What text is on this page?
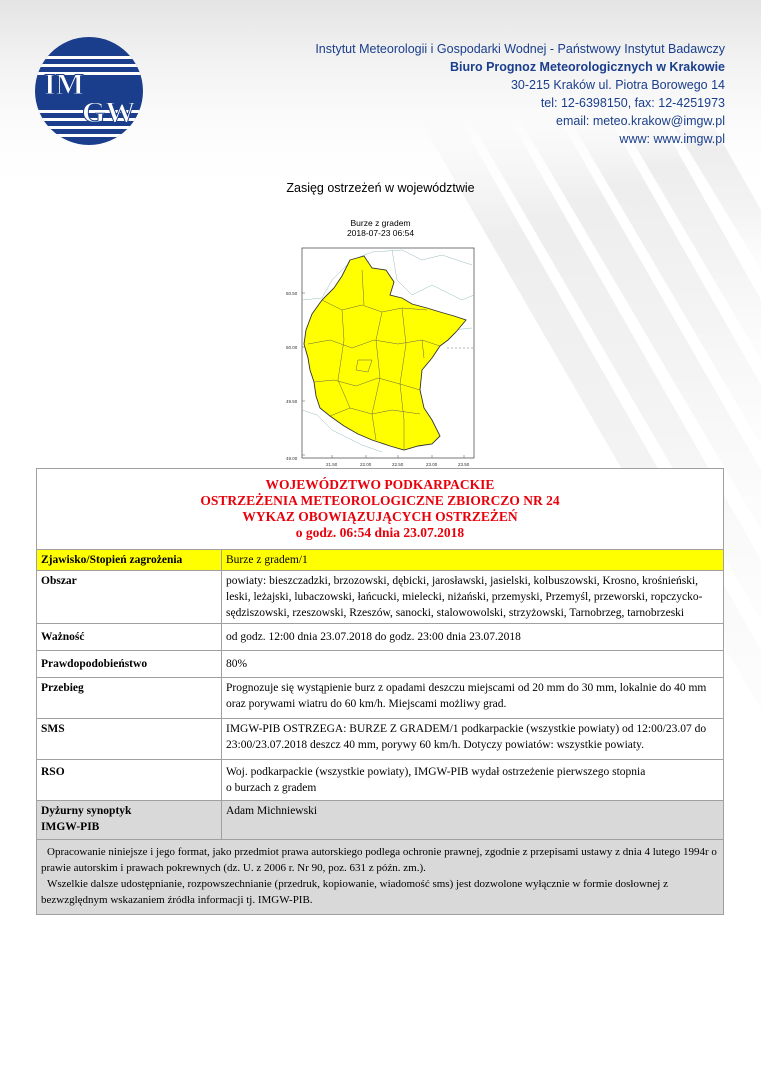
IM
GW
Instytut Meteorologii i Gospodarki Wodnej - Państwowy Instytut Badawczy
Biuro Prognoz Meteorologicznych w Krakowie
30-215 Kraków ul. Piotra Borowego 14
tel: 12-6398150, fax: 12-4251973
email: meteo.krakow@imgw.pl
www: www.imgw.pl
Zasięg ostrzeżeń w województwie
Burze z gradem
2018-07-23 06:54
50.50
50.00
49.50
49.00
21.50	22.00	22.50	23.00	23.50
WOJEWÓDZTWO PODKARPACKIE
OSTRZEŻENIA METEOROLOGICZNE ZBIORCZO NR 24
WYKAZ OBOWIĄZUJĄCYCH OSTRZEŻEŃ
o godz. 06:54 dnia 23.07.2018	

Zjawisko/Stopień zagrożenia	Burze z gradem/1
Obszar	powiaty: bieszczadzki, brzozowski, dębicki, jarosławski, jasielski, kolbuszowski, Krosno, krośnieński, leski, leżajski, lubaczowski, łańcucki, mielecki, niżański, przemyski, Przemyśl, przeworski, ropczycko-sędziszowski, rzeszowski, Rzeszów, sanocki, stalowowolski, strzyżowski, Tarnobrzeg, tarnobrzeski
Ważność	od godz. 12:00 dnia 23.07.2018 do godz. 23:00 dnia 23.07.2018
Prawdopodobieństwo	80%
Przebieg	Prognozuje się wystąpienie burz z opadami deszczu miejscami od 20 mm do 30 mm, lokalnie do 40 mm oraz porywami wiatru do 60 km/h. Miejscami możliwy grad.
SMS	IMGW-PIB OSTRZEGA: BURZE Z GRADEM/1 podkarpackie (wszystkie powiaty) od 12:00/23.07 do 23:00/23.07.2018 deszcz 40 mm, porywy 60 km/h. Dotyczy powiatów: wszystkie powiaty.
RSO	Woj. podkarpackie (wszystkie powiaty), IMGW-PIB wydał ostrzeżenie pierwszego stopnia
o burzach z gradem

Dyżurny synoptyk
IMGW-PIB	Adam Michniewski

Opracowanie niniejsze i jego format, jako przedmiot prawa autorskiego podlega ochronie prawnej, zgodnie z przepisami ustawy z dnia 4 lutego 1994r o prawie autorskim i prawach pokrewnych (dz. U. z 2006 r. Nr 90, poz. 631 z późn. zm.).
Wszelkie dalsze udostępnianie, rozpowszechnianie (przedruk, kopiowanie, wiadomość sms) jest dozwolone wyłącznie w formie dosłownej z bezwzględnym wskazaniem źródła informacji tj. IMGW-PIB.	
